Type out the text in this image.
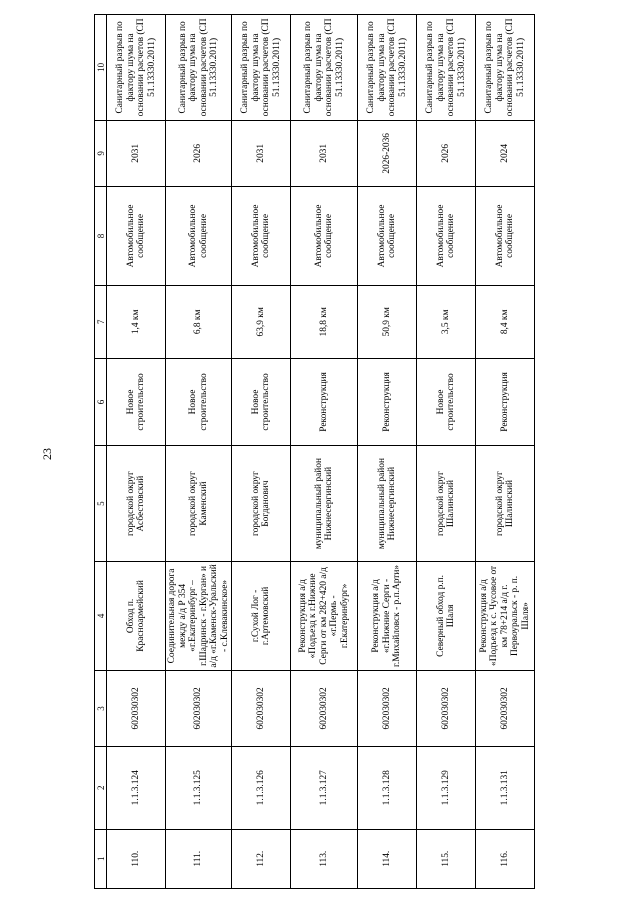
23
1	2	3	4	5	6	7	8	9	10
110.	1.1.3.124	602030302	Обход п. Красноармейский	городской округ Асбестовский	Новое строительство	1,4 км	Автомобильное сообщение	2031	Санитарный разрыв по фактору шума на основании расчетов (СП 51.13330.2011)
111.	1.1.3.125	602030302	Соединительная дорога между а/д Р 354 «г.Екатеринбург – г.Шадринск - г.Курган» и а/д «г.Каменск-Уральский - с.Клевакинское»	городской округ Каменский	Новое строительство	6,8 км	Автомобильное сообщение	2026	Санитарный разрыв по фактору шума на основании расчетов (СП 51.13330.2011)
112.	1.1.3.126	602030302	г.Сухой Лог - г.Артемовский	городской округ Богданович	Новое строительство	63,9 км	Автомобильное сообщение	2031	Санитарный разрыв по фактору шума на основании расчетов (СП 51.13330.2011)
113.	1.1.3.127	602030302	Реконструкция а/д «Подъезд к г.Нижние Серги от км 282+420 а/д «г.Пермь - г.Екатеринбург»	муниципальный район Нижнесергинский	Реконструкция	18,8 км	Автомобильное сообщение	2031	Санитарный разрыв по фактору шума на основании расчетов (СП 51.13330.2011)
114.	1.1.3.128	602030302	Реконструкция а/д «г.Нижние Серги - г.Михайловск - р.п.Арти»	муниципальный район Нижнесергинский	Реконструкция	50,9 км	Автомобильное сообщение	2026-2036	Санитарный разрыв по фактору шума на основании расчетов (СП 51.13330.2011)
115.	1.1.3.129	602030302	Северный обход р.п. Шаля	городской округ Шалинский	Новое строительство	3,5 км	Автомобильное сообщение	2026	Санитарный разрыв по фактору шума на основании расчетов (СП 51.13330.2011)
116.	1.1.3.131	602030302	Реконструкция а/д «Подъезд к с. Чусовое от км 78+214 а/д г. Первоуральск - р. п. Шаля»	городской округ Шалинский	Реконструкция	8,4 км	Автомобильное сообщение	2024	Санитарный разрыв по фактору шума на основании расчетов (СП 51.13330.2011)
